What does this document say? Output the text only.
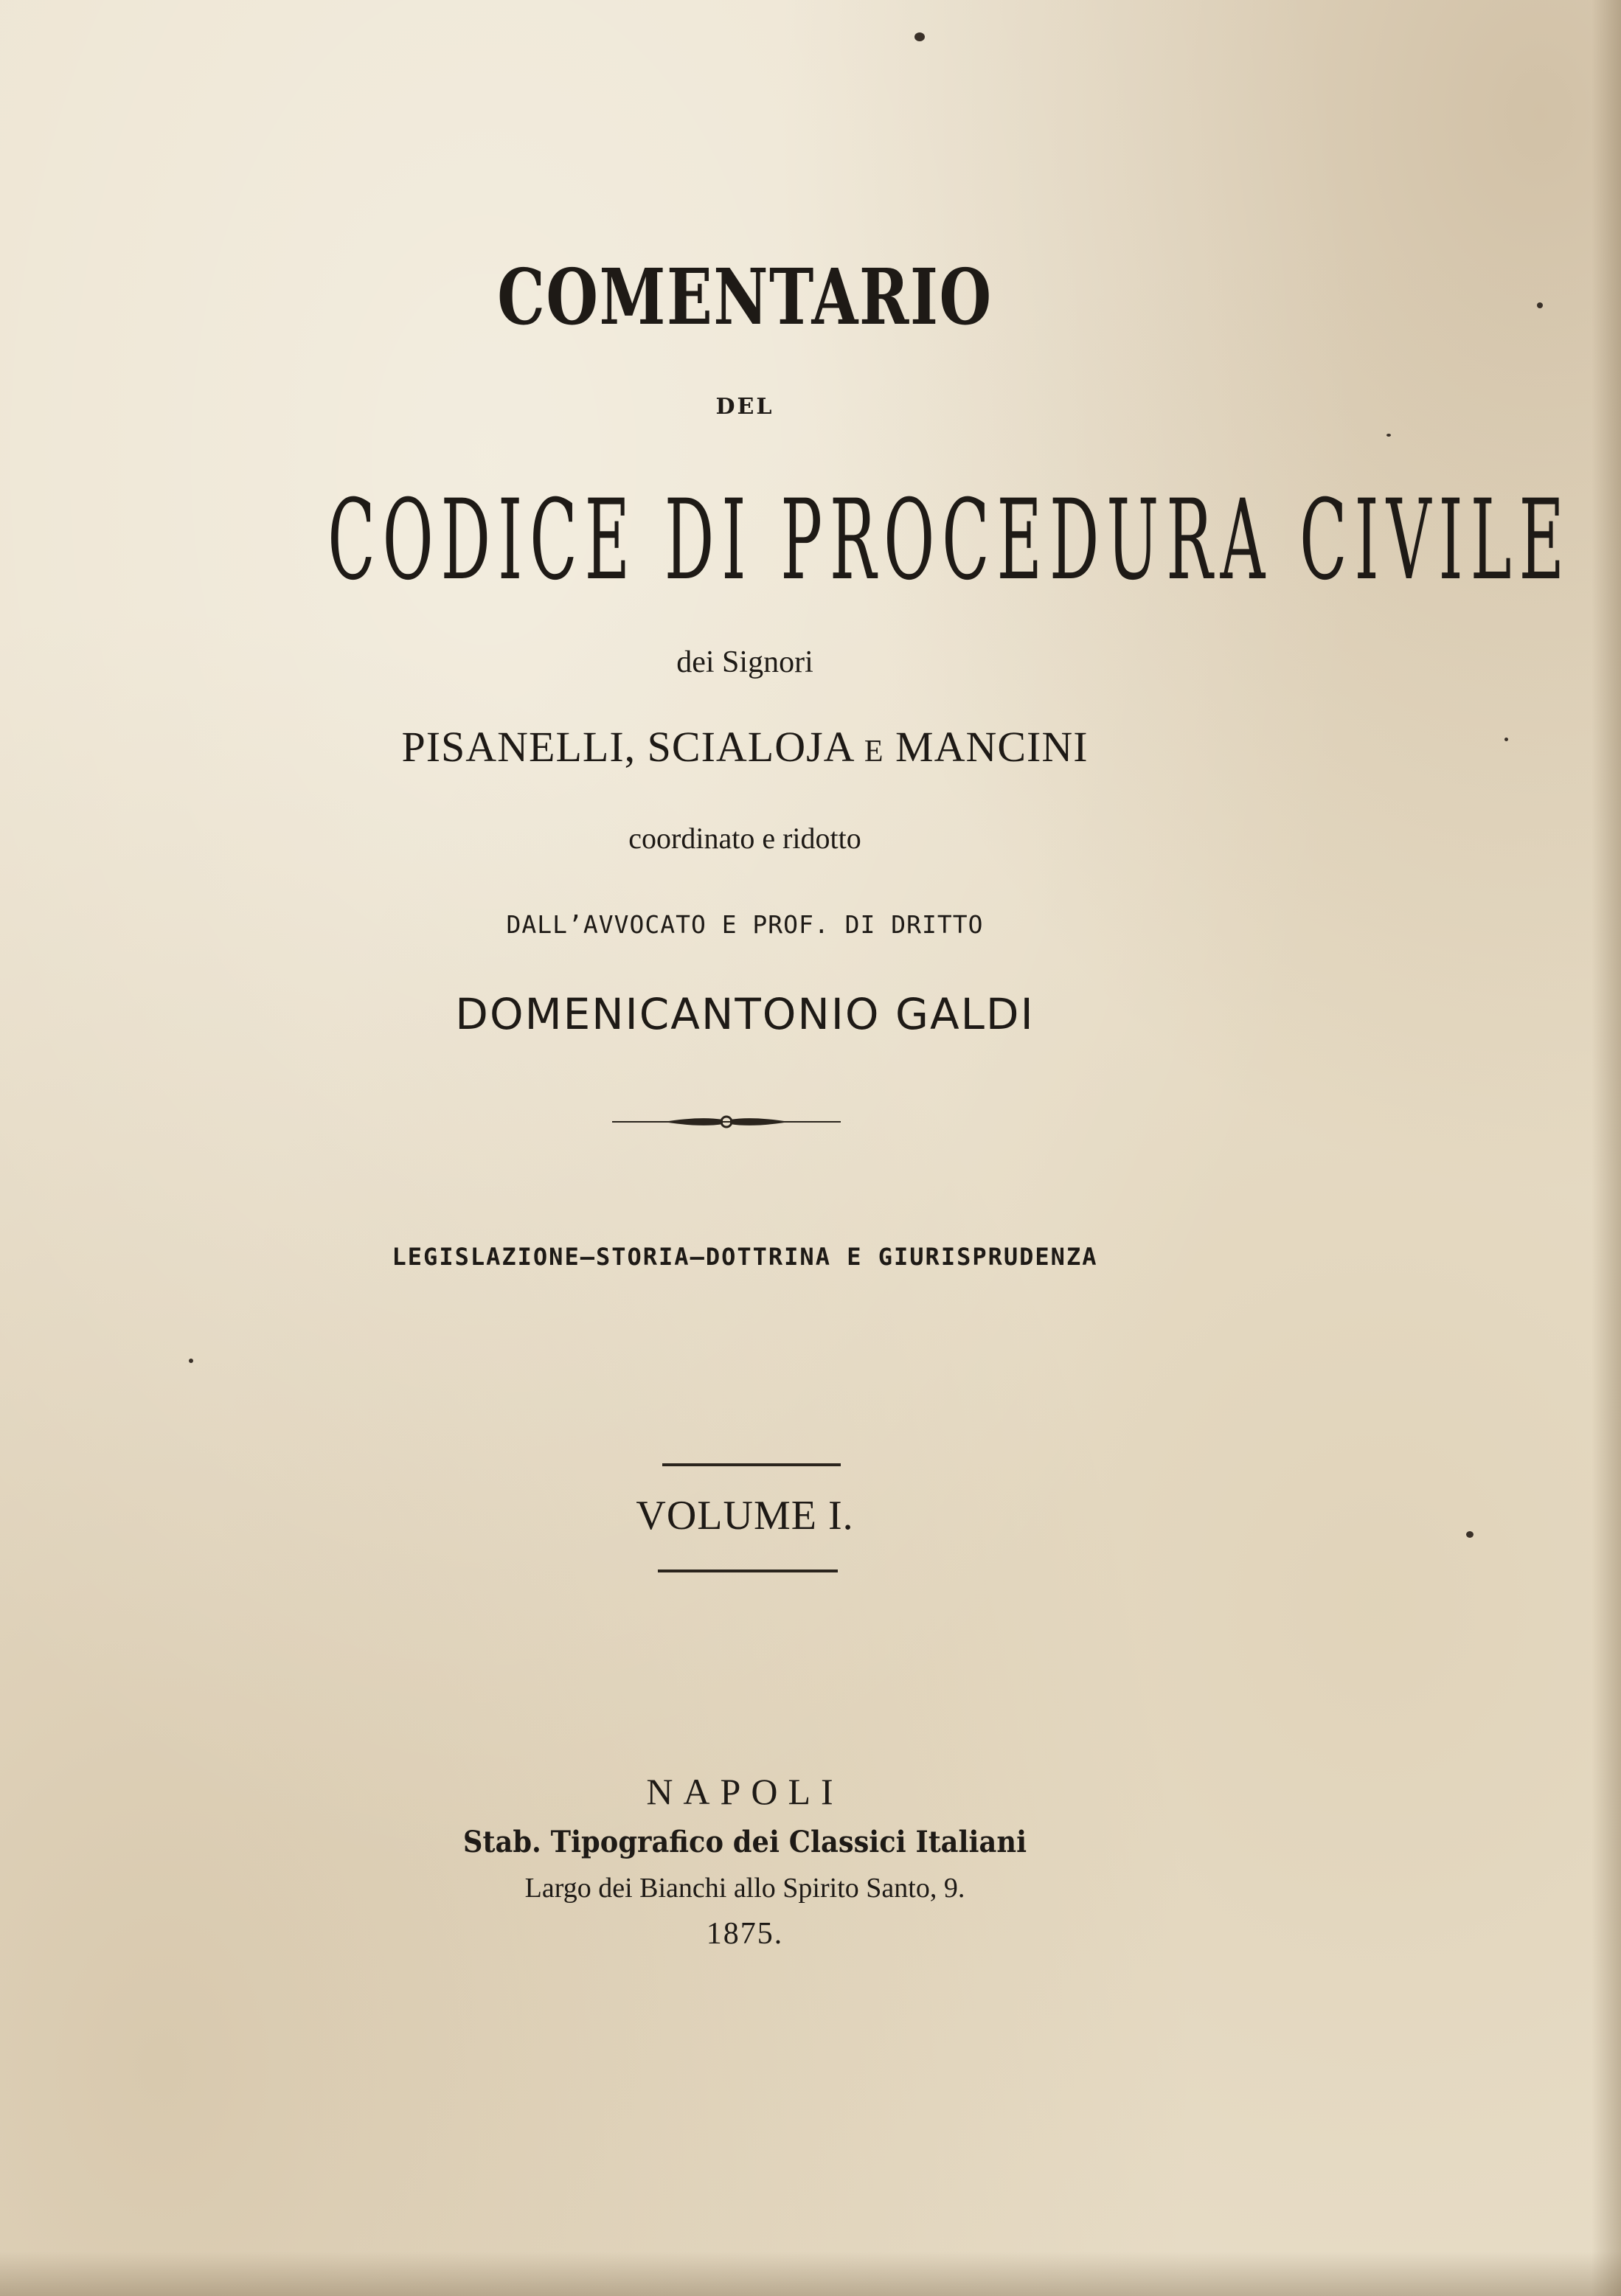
COMENTARIO
DEL
CODICE DI PROCEDURA CIVILE
dei Signori
PISANELLI, SCIALOJA E MANCINI
coordinato e ridotto
DALL’AVVOCATO E PROF. DI DRITTO
DOMENICANTONIO GALDI
LEGISLAZIONE—STORIA—DOTTRINA E GIURISPRUDENZA
VOLUME I.
NAPOLI
Stab. Tipografico dei Classici Italiani
Largo dei Bianchi allo Spirito Santo, 9.
1875.
